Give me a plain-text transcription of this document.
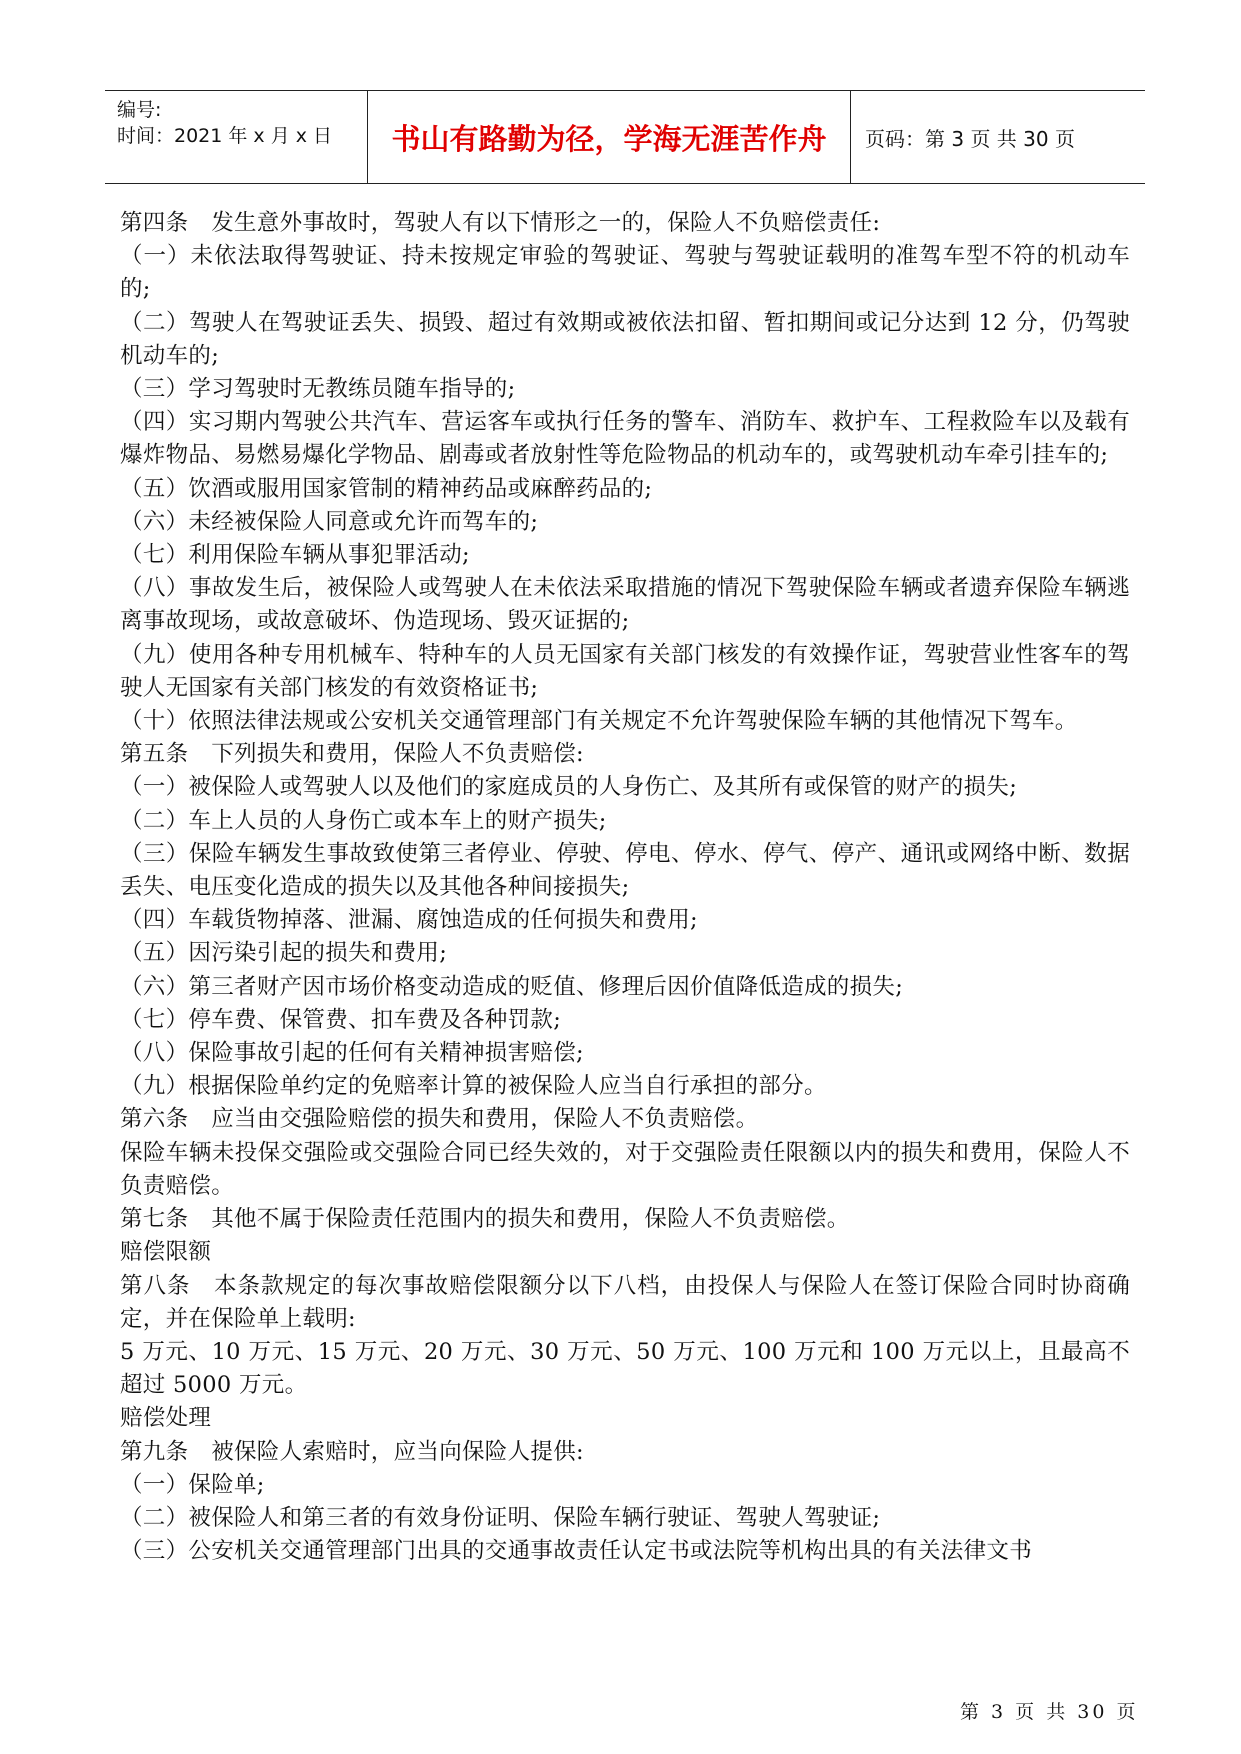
编号:
时间：2021 年 x 月 x 日	书山有路勤为径，学海无涯苦作舟	页码：第 3 页 共 30 页

第四条　发生意外事故时，驾驶人有以下情形之一的，保险人不负赔偿责任:

（一）未依法取得驾驶证、持未按规定审验的驾驶证、驾驶与驾驶证载明的准驾车型不符的机动车的;

（二）驾驶人在驾驶证丢失、损毁、超过有效期或被依法扣留、暂扣期间或记分达到 12 分，仍驾驶机动车的;

（三）学习驾驶时无教练员随车指导的;

（四）实习期内驾驶公共汽车、营运客车或执行任务的警车、消防车、救护车、工程救险车以及载有爆炸物品、易燃易爆化学物品、剧毒或者放射性等危险物品的机动车的，或驾驶机动车牵引挂车的;

（五）饮酒或服用国家管制的精神药品或麻醉药品的;

（六）未经被保险人同意或允许而驾车的;

（七）利用保险车辆从事犯罪活动;

（八）事故发生后，被保险人或驾驶人在未依法采取措施的情况下驾驶保险车辆或者遗弃保险车辆逃离事故现场，或故意破坏、伪造现场、毁灭证据的;

（九）使用各种专用机械车、特种车的人员无国家有关部门核发的有效操作证，驾驶营业性客车的驾驶人无国家有关部门核发的有效资格证书;

（十）依照法律法规或公安机关交通管理部门有关规定不允许驾驶保险车辆的其他情况下驾车。

第五条　下列损失和费用，保险人不负责赔偿:

（一）被保险人或驾驶人以及他们的家庭成员的人身伤亡、及其所有或保管的财产的损失;

（二）车上人员的人身伤亡或本车上的财产损失;

（三）保险车辆发生事故致使第三者停业、停驶、停电、停水、停气、停产、通讯或网络中断、数据丢失、电压变化造成的损失以及其他各种间接损失;

（四）车载货物掉落、泄漏、腐蚀造成的任何损失和费用;

（五）因污染引起的损失和费用;

（六）第三者财产因市场价格变动造成的贬值、修理后因价值降低造成的损失;

（七）停车费、保管费、扣车费及各种罚款;

（八）保险事故引起的任何有关精神损害赔偿;

（九）根据保险单约定的免赔率计算的被保险人应当自行承担的部分。

第六条　应当由交强险赔偿的损失和费用，保险人不负责赔偿。

保险车辆未投保交强险或交强险合同已经失效的，对于交强险责任限额以内的损失和费用，保险人不负责赔偿。

第七条　其他不属于保险责任范围内的损失和费用，保险人不负责赔偿。

赔偿限额

第八条　本条款规定的每次事故赔偿限额分以下八档，由投保人与保险人在签订保险合同时协商确定，并在保险单上载明:

5 万元、10 万元、15 万元、20 万元、30 万元、50 万元、100 万元和 100 万元以上，且最高不超过 5000 万元。

赔偿处理

第九条　被保险人索赔时，应当向保险人提供:

（一）保险单;

（二）被保险人和第三者的有效身份证明、保险车辆行驶证、驾驶人驾驶证;

（三）公安机关交通管理部门出具的交通事故责任认定书或法院等机构出具的有关法律文书

第 3 页 共 30 页
